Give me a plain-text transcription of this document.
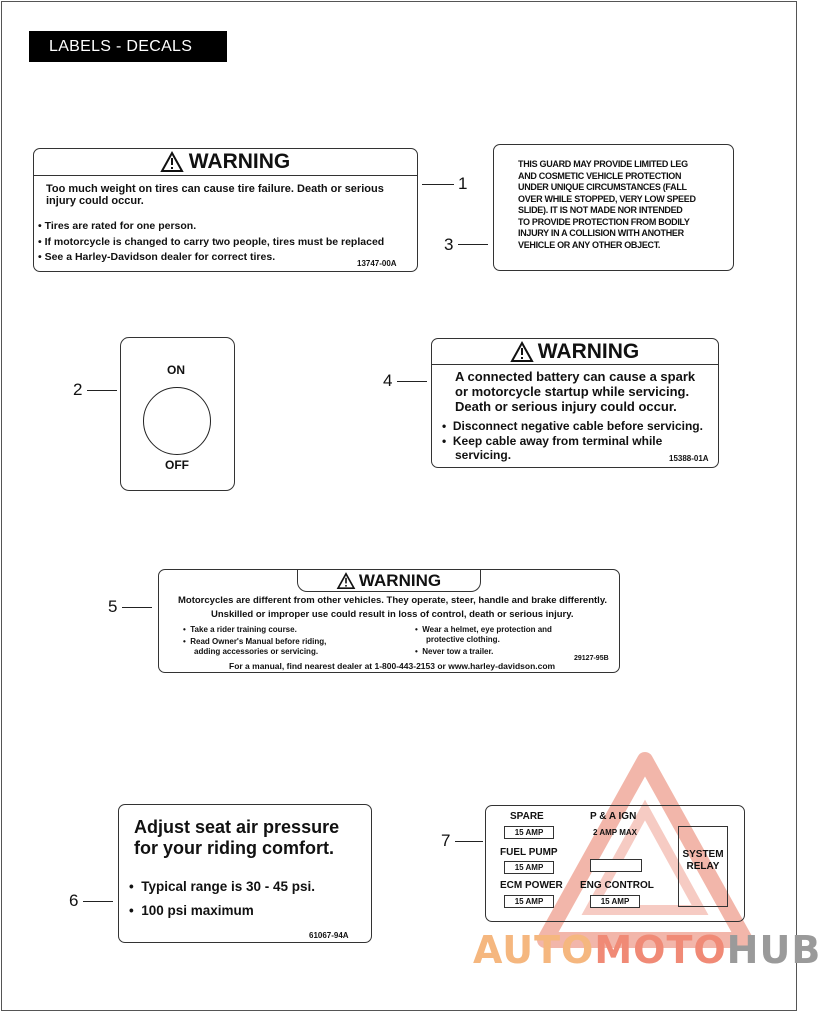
LABELS - DECALS
WARNING
Too much weight on tires can cause tire failure. Death or serious
injury could occur.
• Tires are rated for one person.
• If motorcycle is changed to carry two people, tires must be replaced
• See a Harley-Davidson dealer for correct tires.
13747-00A
1
THIS GUARD MAY PROVIDE LIMITED LEG
AND COSMETIC VEHICLE PROTECTION
UNDER UNIQUE CIRCUMSTANCES (FALL
OVER WHILE STOPPED, VERY LOW SPEED
SLIDE). IT IS NOT MADE NOR INTENDED
TO PROVIDE PROTECTION FROM BODILY
INJURY IN A COLLISION WITH ANOTHER
VEHICLE OR ANY OTHER OBJECT.
3
ON
OFF
2
WARNING
A connected battery can cause a spark
or motorcycle startup while servicing.
Death or serious injury could occur.
•  Disconnect negative cable before servicing.
•  Keep cable away from terminal while
servicing.	15388-01A
4
WARNING
Motorcycles are different from other vehicles. They operate, steer, handle and brake differently.
Unskilled or improper use could result in loss of control, death or serious injury.
•  Take a rider training course.
•  Read Owner's Manual before riding,
adding accessories or servicing.
•  Wear a helmet, eye protection and
protective clothing.
•  Never tow a trailer.
29127-95B
For a manual, find nearest dealer at 1-800-443-2153 or www.harley-davidson.com
5
Adjust seat air pressure
for your riding comfort.
•  Typical range is 30 - 45 psi.
•  100 psi maximum
61067-94A
6
SPARE
15 AMP
P & A IGN
2 AMP MAX
FUEL PUMP
15 AMP
ECM POWER
15 AMP
ENG CONTROL
15 AMP
SYSTEM
RELAY
7
AUTOMOTOHUB
